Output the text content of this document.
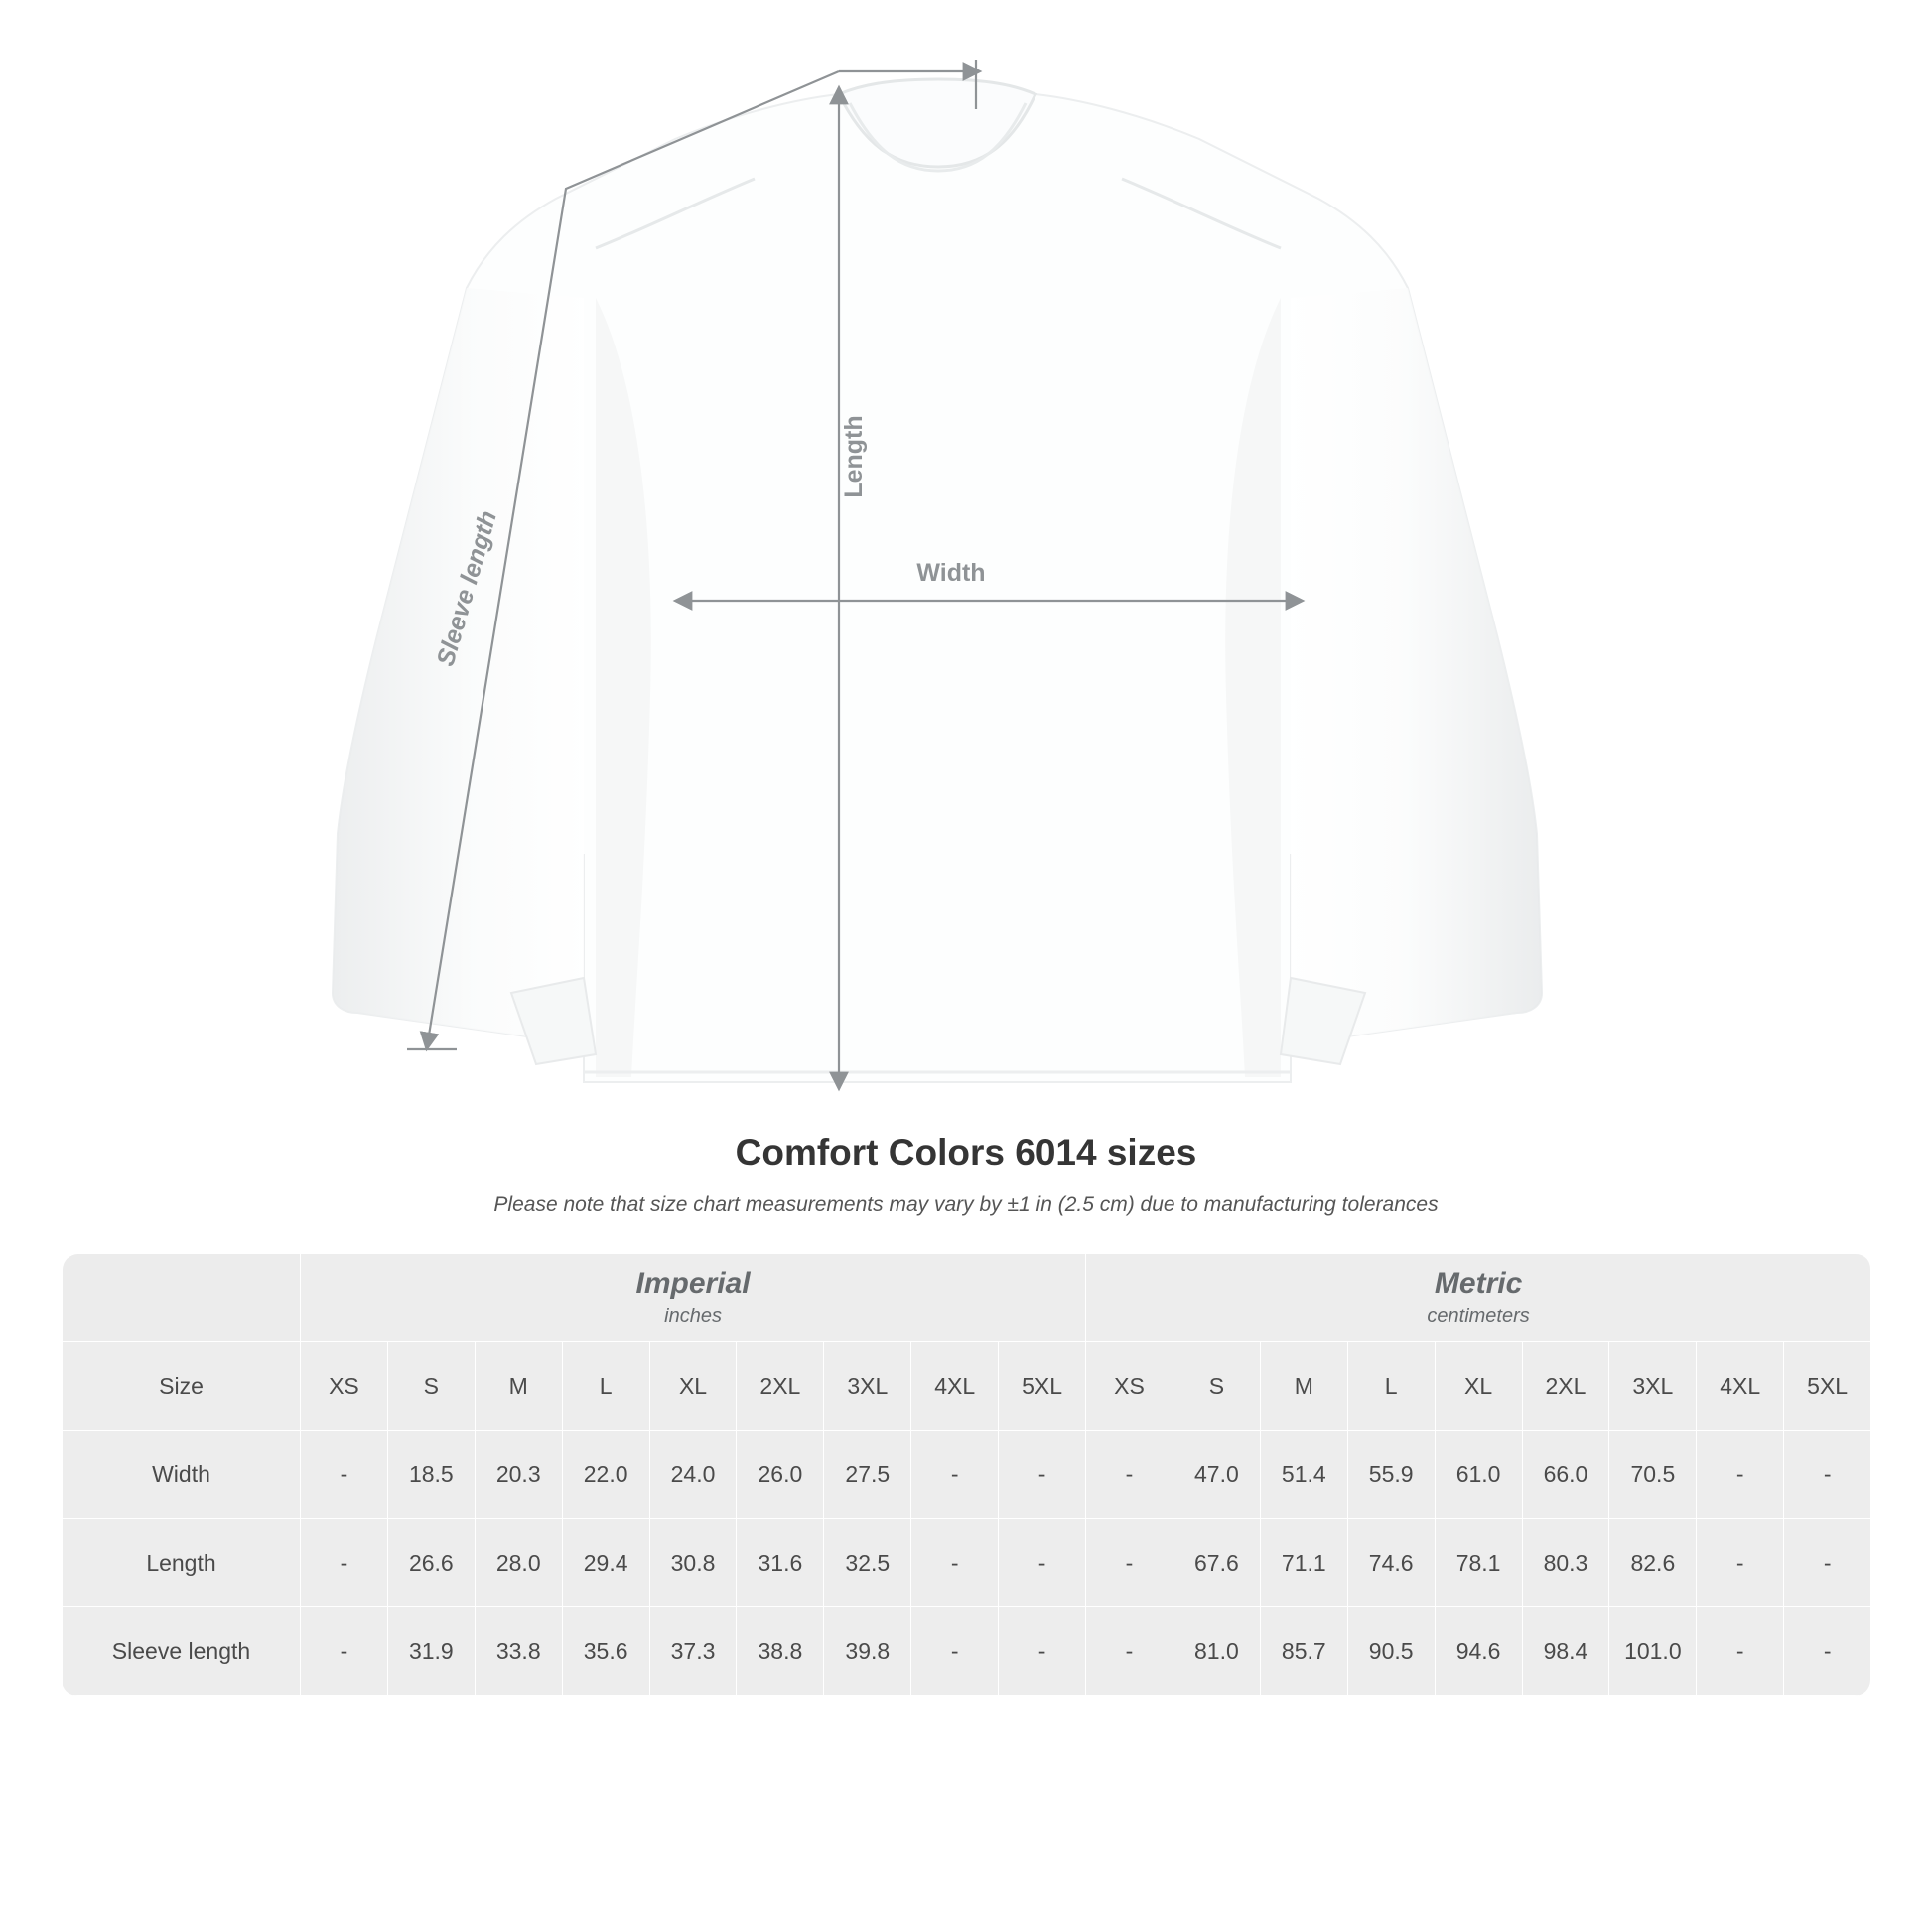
Sleeve length
Length
Width
Comfort Colors 6014 sizes
Please note that size chart measurements may vary by ±1 in (2.5 cm) due to manufacturing tolerances

	Imperial
inches									Metric
centimeters								

Size	XS	S	M	L	XL	2XL	3XL	4XL	5XL	XS	S	M	L	XL	2XL	3XL	4XL	5XL
Width	-	18.5	20.3	22.0	24.0	26.0	27.5	-	-	-	47.0	51.4	55.9	61.0	66.0	70.5	-	-
Length	-	26.6	28.0	29.4	30.8	31.6	32.5	-	-	-	67.6	71.1	74.6	78.1	80.3	82.6	-	-
Sleeve length	-	31.9	33.8	35.6	37.3	38.8	39.8	-	-	-	81.0	85.7	90.5	94.6	98.4	101.0	-	-
